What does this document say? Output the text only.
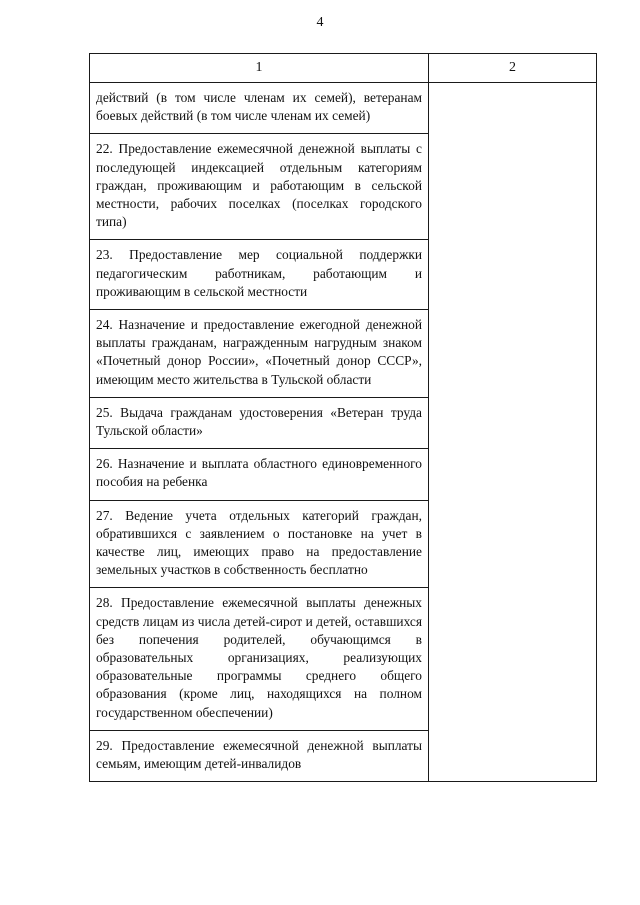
4
1	2
действий (в том числе членам их семей), ветеранам боевых действий (в том числе членам их семей)	
22. Предоставление ежемесячной денежной выплаты с последующей индексацией отдельным категориям граждан, проживающим и работающим в сельской местности, рабочих поселках (поселках городского типа)	
23. Предоставление мер социальной поддержки педагогическим работникам, работающим и проживающим в сельской местности	
24. Назначение и предоставление ежегодной денежной выплаты гражданам, награжденным нагрудным знаком «Почетный донор России», «Почетный донор СССР», имеющим место жительства в Тульской области	
25. Выдача гражданам удостоверения «Ветеран труда Тульской области»	
26. Назначение и выплата областного единовременного пособия на ребенка	
27. Ведение учета отдельных категорий граждан, обратившихся с заявлением о постановке на учет в качестве лиц, имеющих право на предоставление земельных участков в собственность бесплатно	
28. Предоставление ежемесячной выплаты денежных средств лицам из числа детей-сирот и детей, оставшихся без попечения родителей, обучающимся в образовательных организациях, реализующих образовательные программы среднего общего образования (кроме лиц, находящихся на полном государственном обеспечении)	
29. Предоставление ежемесячной денежной выплаты семьям, имеющим детей-инвалидов	
